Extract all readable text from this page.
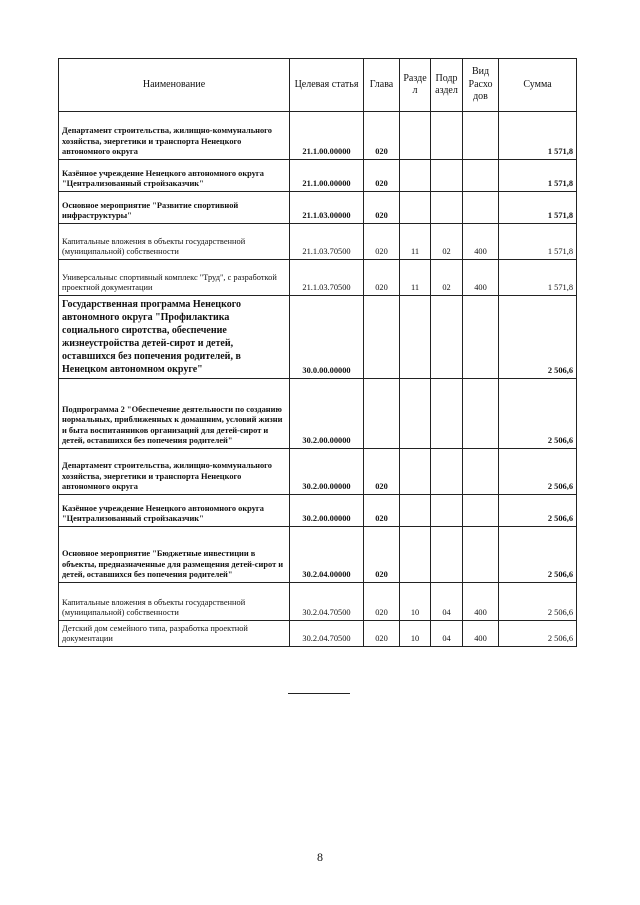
Наименование	Целевая статья	Глава	Разде л	Подр аздел	Вид Расхо дов	Сумма
Департамент строительства, жилищно-коммунального хозяйства, энергетики и транспорта Ненецкого автономного округа	21.1.00.00000	020				1 571,8
Казённое учреждение Ненецкого автономного округа "Централизованный стройзаказчик"	21.1.00.00000	020				1 571,8
Основное мероприятие "Развитие спортивной инфраструктуры"	21.1.03.00000	020				1 571,8
Капитальные вложения в объекты государственной (муниципальной) собственности	21.1.03.70500	020	11	02	400	1 571,8
Универсальныс спортивный комплекс "Труд", с разработкой проектной документации	21.1.03.70500	020	11	02	400	1 571,8
Государственная программа Ненецкого автономного округа "Профилактика социального сиротства, обеспечение жизнеустройства детей-сирот и детей, оставшихся без попечения родителей, в Ненецком автономном округе"	30.0.00.00000					2 506,6
Подпрограмма 2 "Обеспечение деятельности по созданию нормальных, приближенных к домашним, условий жизни и быта воспитанников организаций для детей-сирот и детей, оставшихся без попечения родителей"	30.2.00.00000					2 506,6
Департамент строительства, жилищно-коммунального хозяйства, энергетики и транспорта Ненецкого автономного округа	30.2.00.00000	020				2 506,6
Казённое учреждение Ненецкого автономного округа "Централизованный стройзаказчик"	30.2.00.00000	020				2 506,6
Основное мероприятие "Бюджетные инвестиции в объекты, предназначенные для размещения детей-сирот и детей, оставшихся без попечения родителей"	30.2.04.00000	020				2 506,6
Капитальные вложения в объекты государственной (муниципальной) собственности	30.2.04.70500	020	10	04	400	2 506,6
Детский дом семейного типа, разработка проектной документации	30.2.04.70500	020	10	04	400	2 506,6
8
